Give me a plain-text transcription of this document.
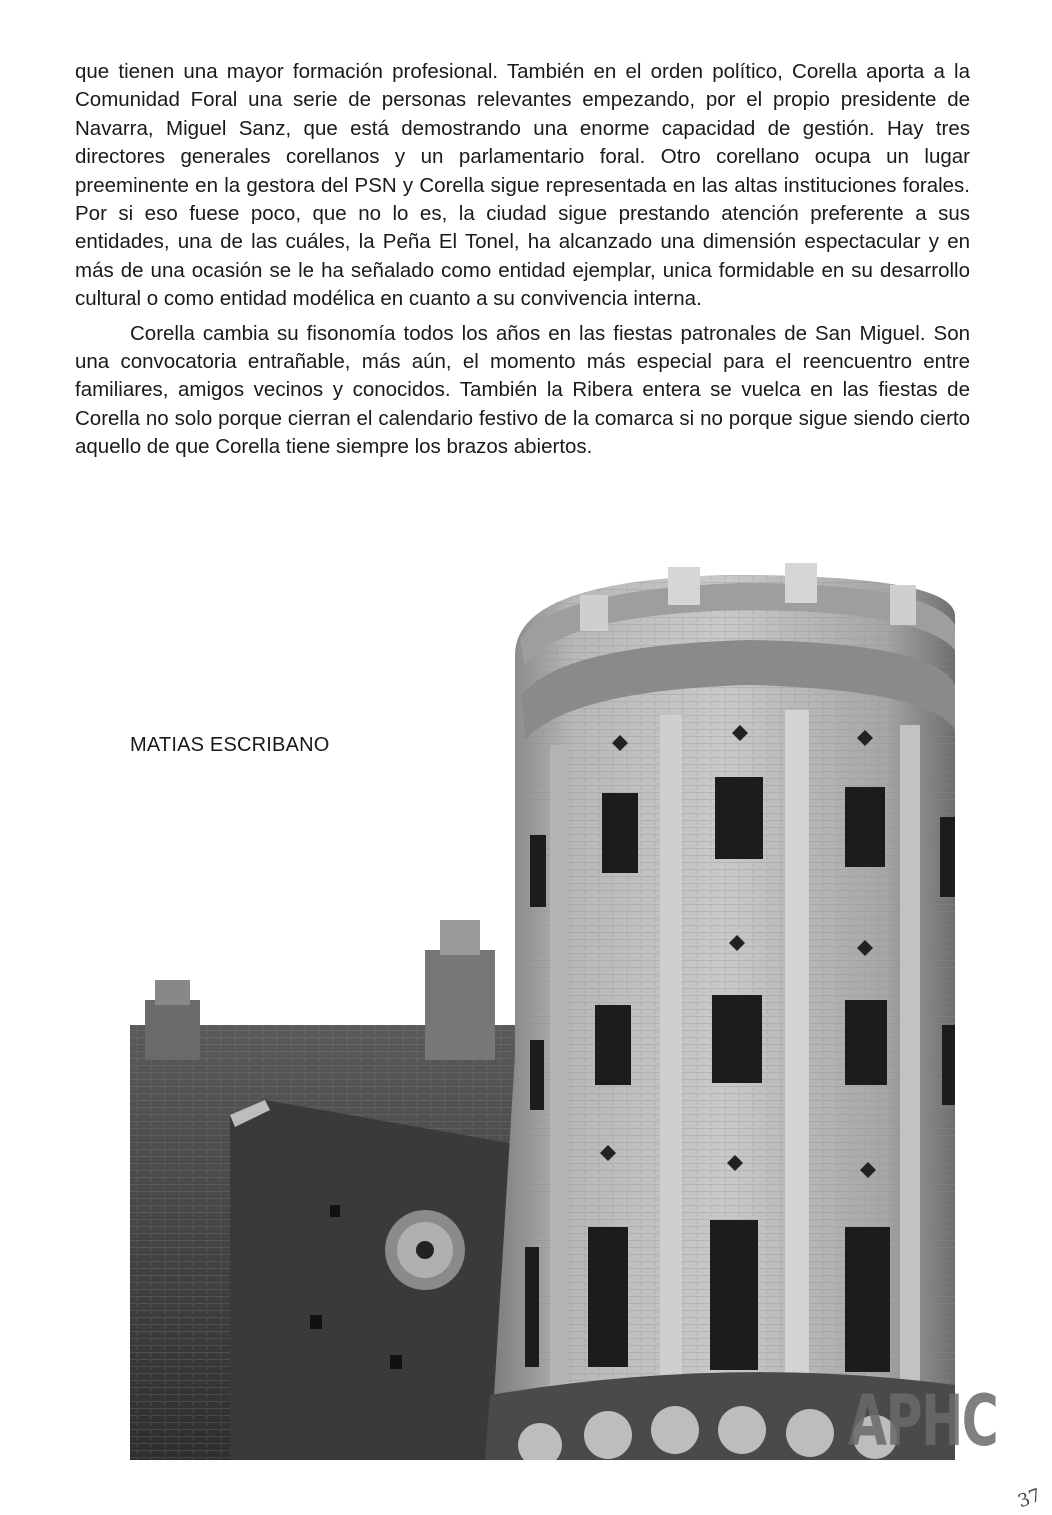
que tienen una mayor formación profesional. También en el orden político, Corella aporta a la Comunidad Foral una serie de personas relevantes empezando, por el propio presidente de Navarra, Miguel Sanz, que está demostrando una enorme capacidad de gestión. Hay tres directores generales corellanos y un parlamentario foral. Otro corellano ocupa un lugar preeminente en la gestora del PSN y Corella sigue representada en las altas instituciones forales. Por si eso fuese poco, que no lo es, la ciudad sigue prestando atención preferente a sus entidades, una de las cuáles, la Peña El Tonel, ha alcanzado una dimensión espectacular y en más de una ocasión se le ha señalado como entidad ejemplar, unica formidable en su desarrollo cultural o como entidad modélica en cuanto a su convivencia interna.

Corella cambia su fisonomía todos los años en las fiestas patronales de San Miguel. Son una convocatoria entrañable, más aún, el momento más especial para el reencuentro entre familiares, amigos vecinos y conocidos. También la Ribera entera se vuelca en las fiestas de Corella no solo porque cierran el calendario festivo de la comarca si no porque sigue siendo cierto aquello de que Corella tiene siempre los brazos abiertos.

MATIAS ESCRIBANO
APHC
37
